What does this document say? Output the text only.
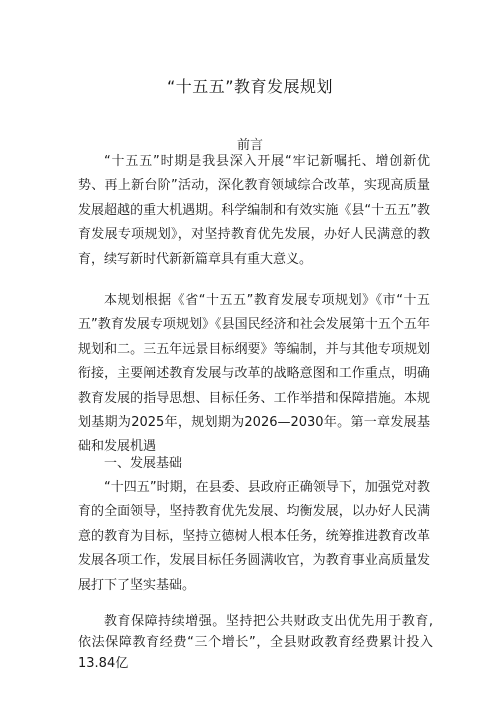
“十五五”教育发展规划
前言

“十五五”时期是我县深入开展“牢记新嘱托、增创新优势、再上新台阶”活动，深化教育领域综合改革，实现高质量发展超越的重大机遇期。科学编制和有效实施《县“十五五”教育发展专项规划》，对坚持教育优先发展，办好人民满意的教育，续写新时代新新篇章具有重大意义。

本规划根据《省“十五五”教育发展专项规划》《市“十五五”教育发展专项规划》《县国民经济和社会发展第十五个五年规划和二。三五年远景目标纲要》等编制，并与其他专项规划衔接，主要阐述教育发展与改革的战略意图和工作重点，明确教育发展的指导思想、目标任务、工作举措和保障措施。本规划基期为2025年，规划期为2026—2030年。第一章发展基础和发展机遇

一、发展基础

“十四五”时期，在县委、县政府正确领导下，加强党对教育的全面领导，坚持教育优先发展、均衡发展，以办好人民满意的教育为目标，坚持立德树人根本任务，统筹推进教育改革发展各项工作，发展目标任务圆满收官，为教育事业高质量发展打下了坚实基础。

教育保障持续增强。坚持把公共财政支出优先用于教育,依法保障教育经费“三个增长”，全县财政教育经费累计投入13.84亿
